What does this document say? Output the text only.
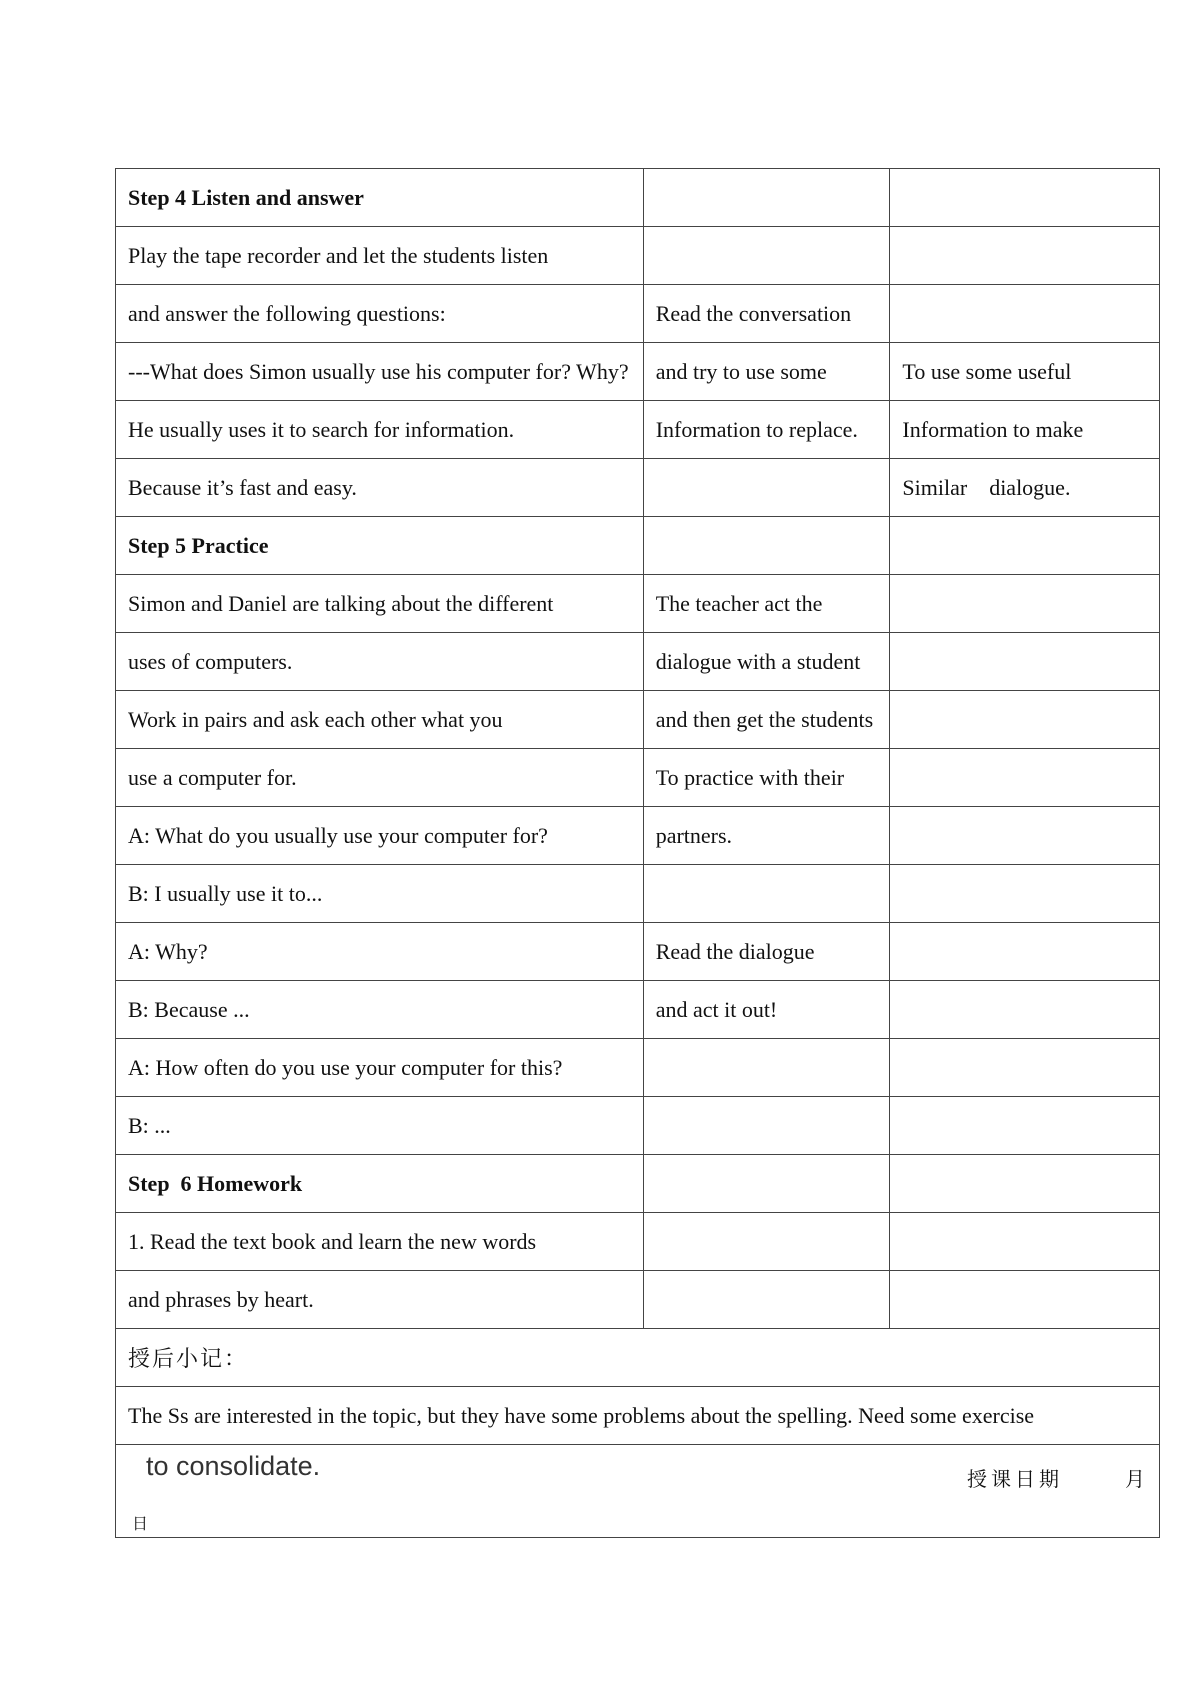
Step 4 Listen and answer		
Play the tape recorder and let the students listen		
and answer the following questions:	Read the conversation	
---What does Simon usually use his computer for? Why?	and try to use some	To use some useful
He usually uses it to search for information.	Information to replace.	Information to make
Because it’s fast and easy.		Similar    dialogue.
Step 5 Practice		
Simon and Daniel are talking about the different	The teacher act the	
uses of computers.	dialogue with a student	
Work in pairs and ask each other what you	and then get the students	
use a computer for.	To practice with their	
A: What do you usually use your computer for?	partners.	
B: I usually use it to...		
A: Why?	Read the dialogue	
B: Because ...	and act it out!	
A: How often do you use your computer for this?		
B: ...		
Step  6 Homework		
1. Read the text book and learn the new words		
and phrases by heart.		
授后小记：		
The Ss are interested in the topic, but they have some problems about the spelling. Need some exercise		

to consolidate. 授课日期 月
日		
